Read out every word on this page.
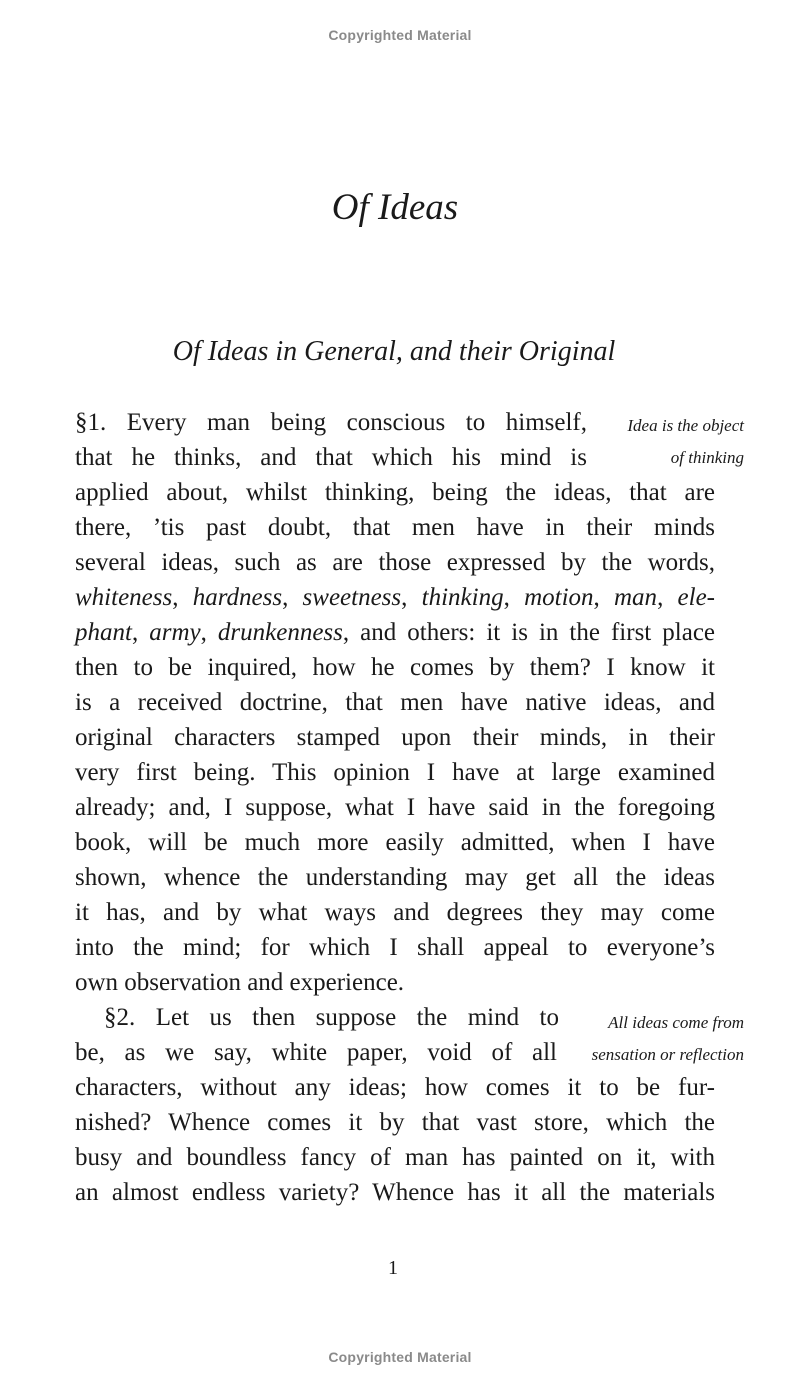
Copyrighted Material
Of Ideas
Of Ideas in General, and their Original
Idea is the object
of thinking
All ideas come from
sensation or reflection
§1. Every man being conscious to himself,
that he thinks, and that which his mind is
applied about, whilst thinking, being the ideas, that are
there, ’tis past doubt, that men have in their minds
several ideas, such as are those expressed by the words,
whiteness, hardness, sweetness, thinking, motion, man, ele-
phant, army, drunkenness, and others: it is in the first place
then to be inquired, how he comes by them? I know it
is a received doctrine, that men have native ideas, and
original characters stamped upon their minds, in their
very first being. This opinion I have at large examined
already; and, I suppose, what I have said in the foregoing
book, will be much more easily admitted, when I have
shown, whence the understanding may get all the ideas
it has, and by what ways and degrees they may come
into the mind; for which I shall appeal to everyone’s
own observation and experience.
§2. Let us then suppose the mind to
be, as we say, white paper, void of all
characters, without any ideas; how comes it to be fur-
nished? Whence comes it by that vast store, which the
busy and boundless fancy of man has painted on it, with
an almost endless variety? Whence has it all the materials
1
Copyrighted Material
